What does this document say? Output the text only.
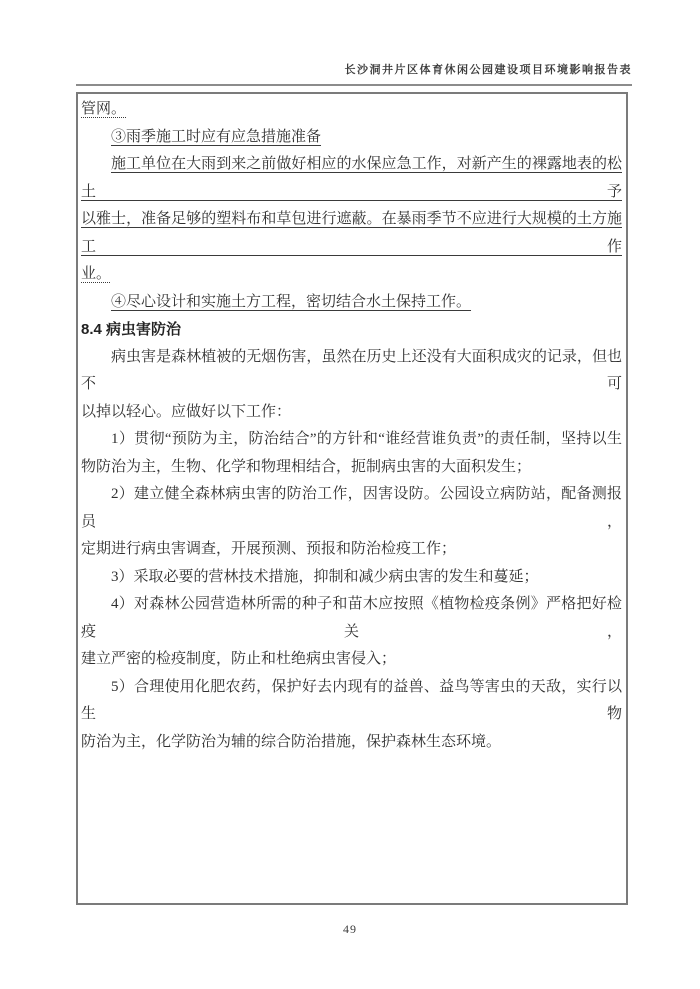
长沙洞井片区体育休闲公园建设项目环境影响报告表
管网。
③雨季施工时应有应急措施准备
施工单位在大雨到来之前做好相应的水保应急工作，对新产生的裸露地表的松土予
以雅士，准备足够的塑料布和草包进行遮蔽。在暴雨季节不应进行大规模的土方施工作
业。
④尽心设计和实施土方工程，密切结合水土保持工作。
8.4 病虫害防治
病虫害是森林植被的无烟伤害，虽然在历史上还没有大面积成灾的记录，但也不可
以掉以轻心。应做好以下工作：
1）贯彻“预防为主，防治结合”的方针和“谁经营谁负责”的责任制，坚持以生
物防治为主，生物、化学和物理相结合，扼制病虫害的大面积发生；
2）建立健全森林病虫害的防治工作，因害设防。公园设立病防站，配备测报员，
定期进行病虫害调查，开展预测、预报和防治检疫工作；
3）采取必要的营林技术措施，抑制和减少病虫害的发生和蔓延；
4）对森林公园营造林所需的种子和苗木应按照《植物检疫条例》严格把好检疫关，
建立严密的检疫制度，防止和杜绝病虫害侵入；
5）合理使用化肥农药，保护好去内现有的益兽、益鸟等害虫的天敌，实行以生物
防治为主，化学防治为辅的综合防治措施，保护森林生态环境。
49
